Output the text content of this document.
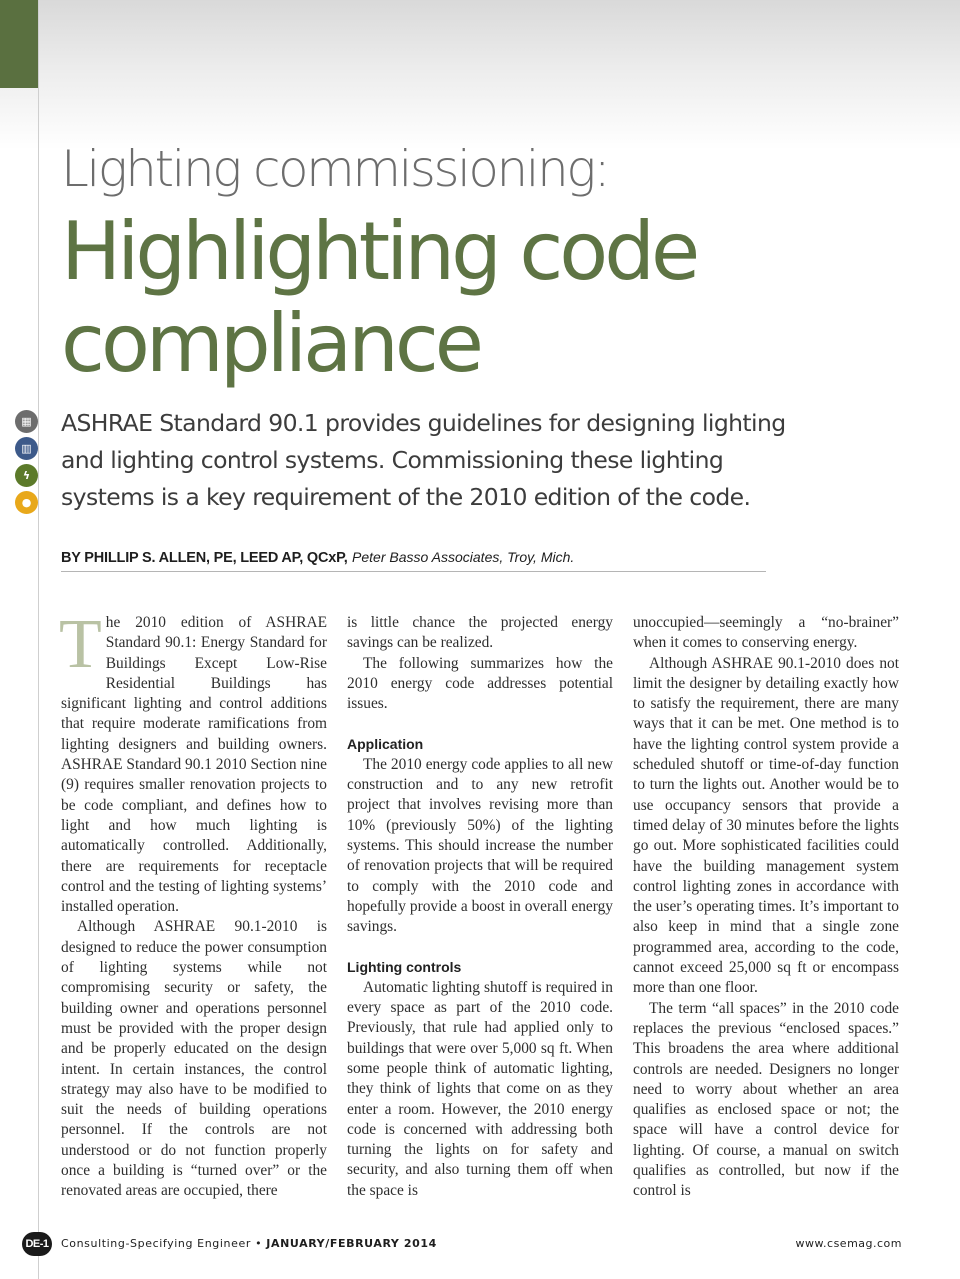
Lighting commissioning:
Highlighting code compliance

ASHRAE Standard 90.1 provides guidelines for designing lighting and lighting control systems. Commissioning these lighting systems is a key requirement of the 2010 edition of the code.

BY PHILLIP S. ALLEN, PE, LEED AP, QCxP, Peter Basso Associates, Troy, Mich.
▦
▥
ϟ
●

The 2010 edition of ASHRAE Standard 90.1: Energy Standard for Buildings Except Low-Rise Residential Buildings has significant lighting and control additions that require moderate ramifications from lighting designers and building owners. ASHRAE Standard 90.1 2010 Section nine (9) requires smaller renovation projects to be code compliant, and defines how to light and how much lighting is automatically controlled. Additionally, there are requirements for receptacle control and the testing of lighting systems’ installed operation.

Although ASHRAE 90.1-2010 is designed to reduce the power consumption of lighting systems while not compromising security or safety, the building owner and operations personnel must be provided with the proper design and be properly educated on the design intent. In certain instances, the control strategy may also have to be modified to suit the needs of building operations personnel. If the controls are not understood or do not function properly once a building is “turned over” or the renovated areas are occupied, there

is little chance the projected energy savings can be realized.

The following summarizes how the 2010 energy code addresses potential issues.

Application

The 2010 energy code applies to all new construction and to any new retrofit project that involves revising more than 10% (previously 50%) of the lighting systems. This should increase the number of renovation projects that will be required to comply with the 2010 code and hopefully provide a boost in overall energy savings.

Lighting controls

Automatic lighting shutoff is required in every space as part of the 2010 code. Previously, that rule had applied only to buildings that were over 5,000 sq ft. When some people think of automatic lighting, they think of lights that come on as they enter a room. However, the 2010 energy code is concerned with addressing both turning the lights on for safety and security, and also turning them off when the space is

unoccupied—seemingly a “no-brainer” when it comes to conserving energy.

Although ASHRAE 90.1-2010 does not limit the designer by detailing exactly how to satisfy the requirement, there are many ways that it can be met. One method is to have the lighting control system provide a scheduled shutoff or time-of-day function to turn the lights out. Another would be to use occupancy sensors that provide a timed delay of 30 minutes before the lights go out. More sophisticated facilities could have the building management system control lighting zones in accordance with the user’s operating times. It’s important to also keep in mind that a single zone programmed area, according to the code, cannot exceed 25,000 sq ft or encompass more than one floor.

The term “all spaces” in the 2010 code replaces the previous “enclosed spaces.” This broadens the area where additional controls are needed. Designers no longer need to worry about whether an area qualifies as enclosed space or not; the space will have a control device for lighting. Of course, a manual on switch qualifies as controlled, but now if the control is

DE-1	Consulting-Specifying Engineer • JANUARY/FEBRUARY 2014	www.csemag.com
